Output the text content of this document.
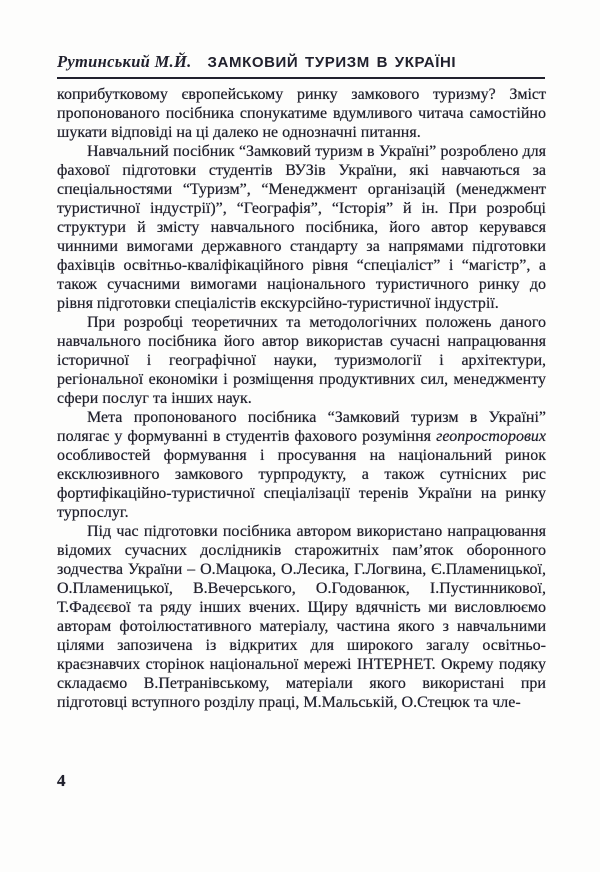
Рутинський М.Й. ЗАМКОВИЙ ТУРИЗМ В УКРАЇНІ

коприбутковому європейському ринку замкового туризму? Зміст пропонованого посібника спонукатиме вдумливого читача самостійно шукати відповіді на ці далеко не однозначні питання.

Навчальний посібник “Замковий туризм в Україні” розроблено для фахової підготовки студентів ВУЗів України, які навчаються за спеціальностями “Туризм”, “Менеджмент організацій (менеджмент туристичної індустрії)”, “Географія”, “Історія” й ін. При розробці структури й змісту навчального посібника, його автор керувався чинними вимогами державного стандарту за напрямами підготовки фахівців освітньо-кваліфікаційного рівня “спеціаліст” і “магістр”, а також сучасними вимогами національного туристичного ринку до рівня підготовки спеціалістів екскурсійно-туристичної індустрії.

При розробці теоретичних та методологічних положень даного навчального посібника його автор використав сучасні напрацювання історичної і географічної науки, туризмології і архітектури, регіональної економіки і розміщення продуктивних сил, менеджменту сфери послуг та інших наук.

Мета пропонованого посібника “Замковий туризм в Україні” полягає у формуванні в студентів фахового розуміння геопросторових особливостей формування і просування на національний ринок ексклюзивного замкового турпродукту, а також сутнісних рис фортифікаційно-туристичної спеціалізації теренів України на ринку турпослуг.

Під час підготовки посібника автором використано напрацювання відомих сучасних дослідників старожитніх пам’яток оборонного зодчества України – О.Мацюка, О.Лесика, Г.Логвина, Є.Пламеницької, О.Пламеницької, В.Вечерського, О.Годованюк, І.Пустинникової, Т.Фадєєвої та ряду інших вчених. Щиру вдячність ми висловлюємо авторам фотоілюстативного матеріалу, частина якого з навчальними цілями запозичена із відкритих для широкого загалу освітньо-краєзнавчих сторінок національної мережі ІНТЕРНЕТ. Окрему подяку складаємо В.Петранівському, матеріали якого використані при підготовці вступного розділу праці, М.Мальській, О.Стецюк та чле-

4
